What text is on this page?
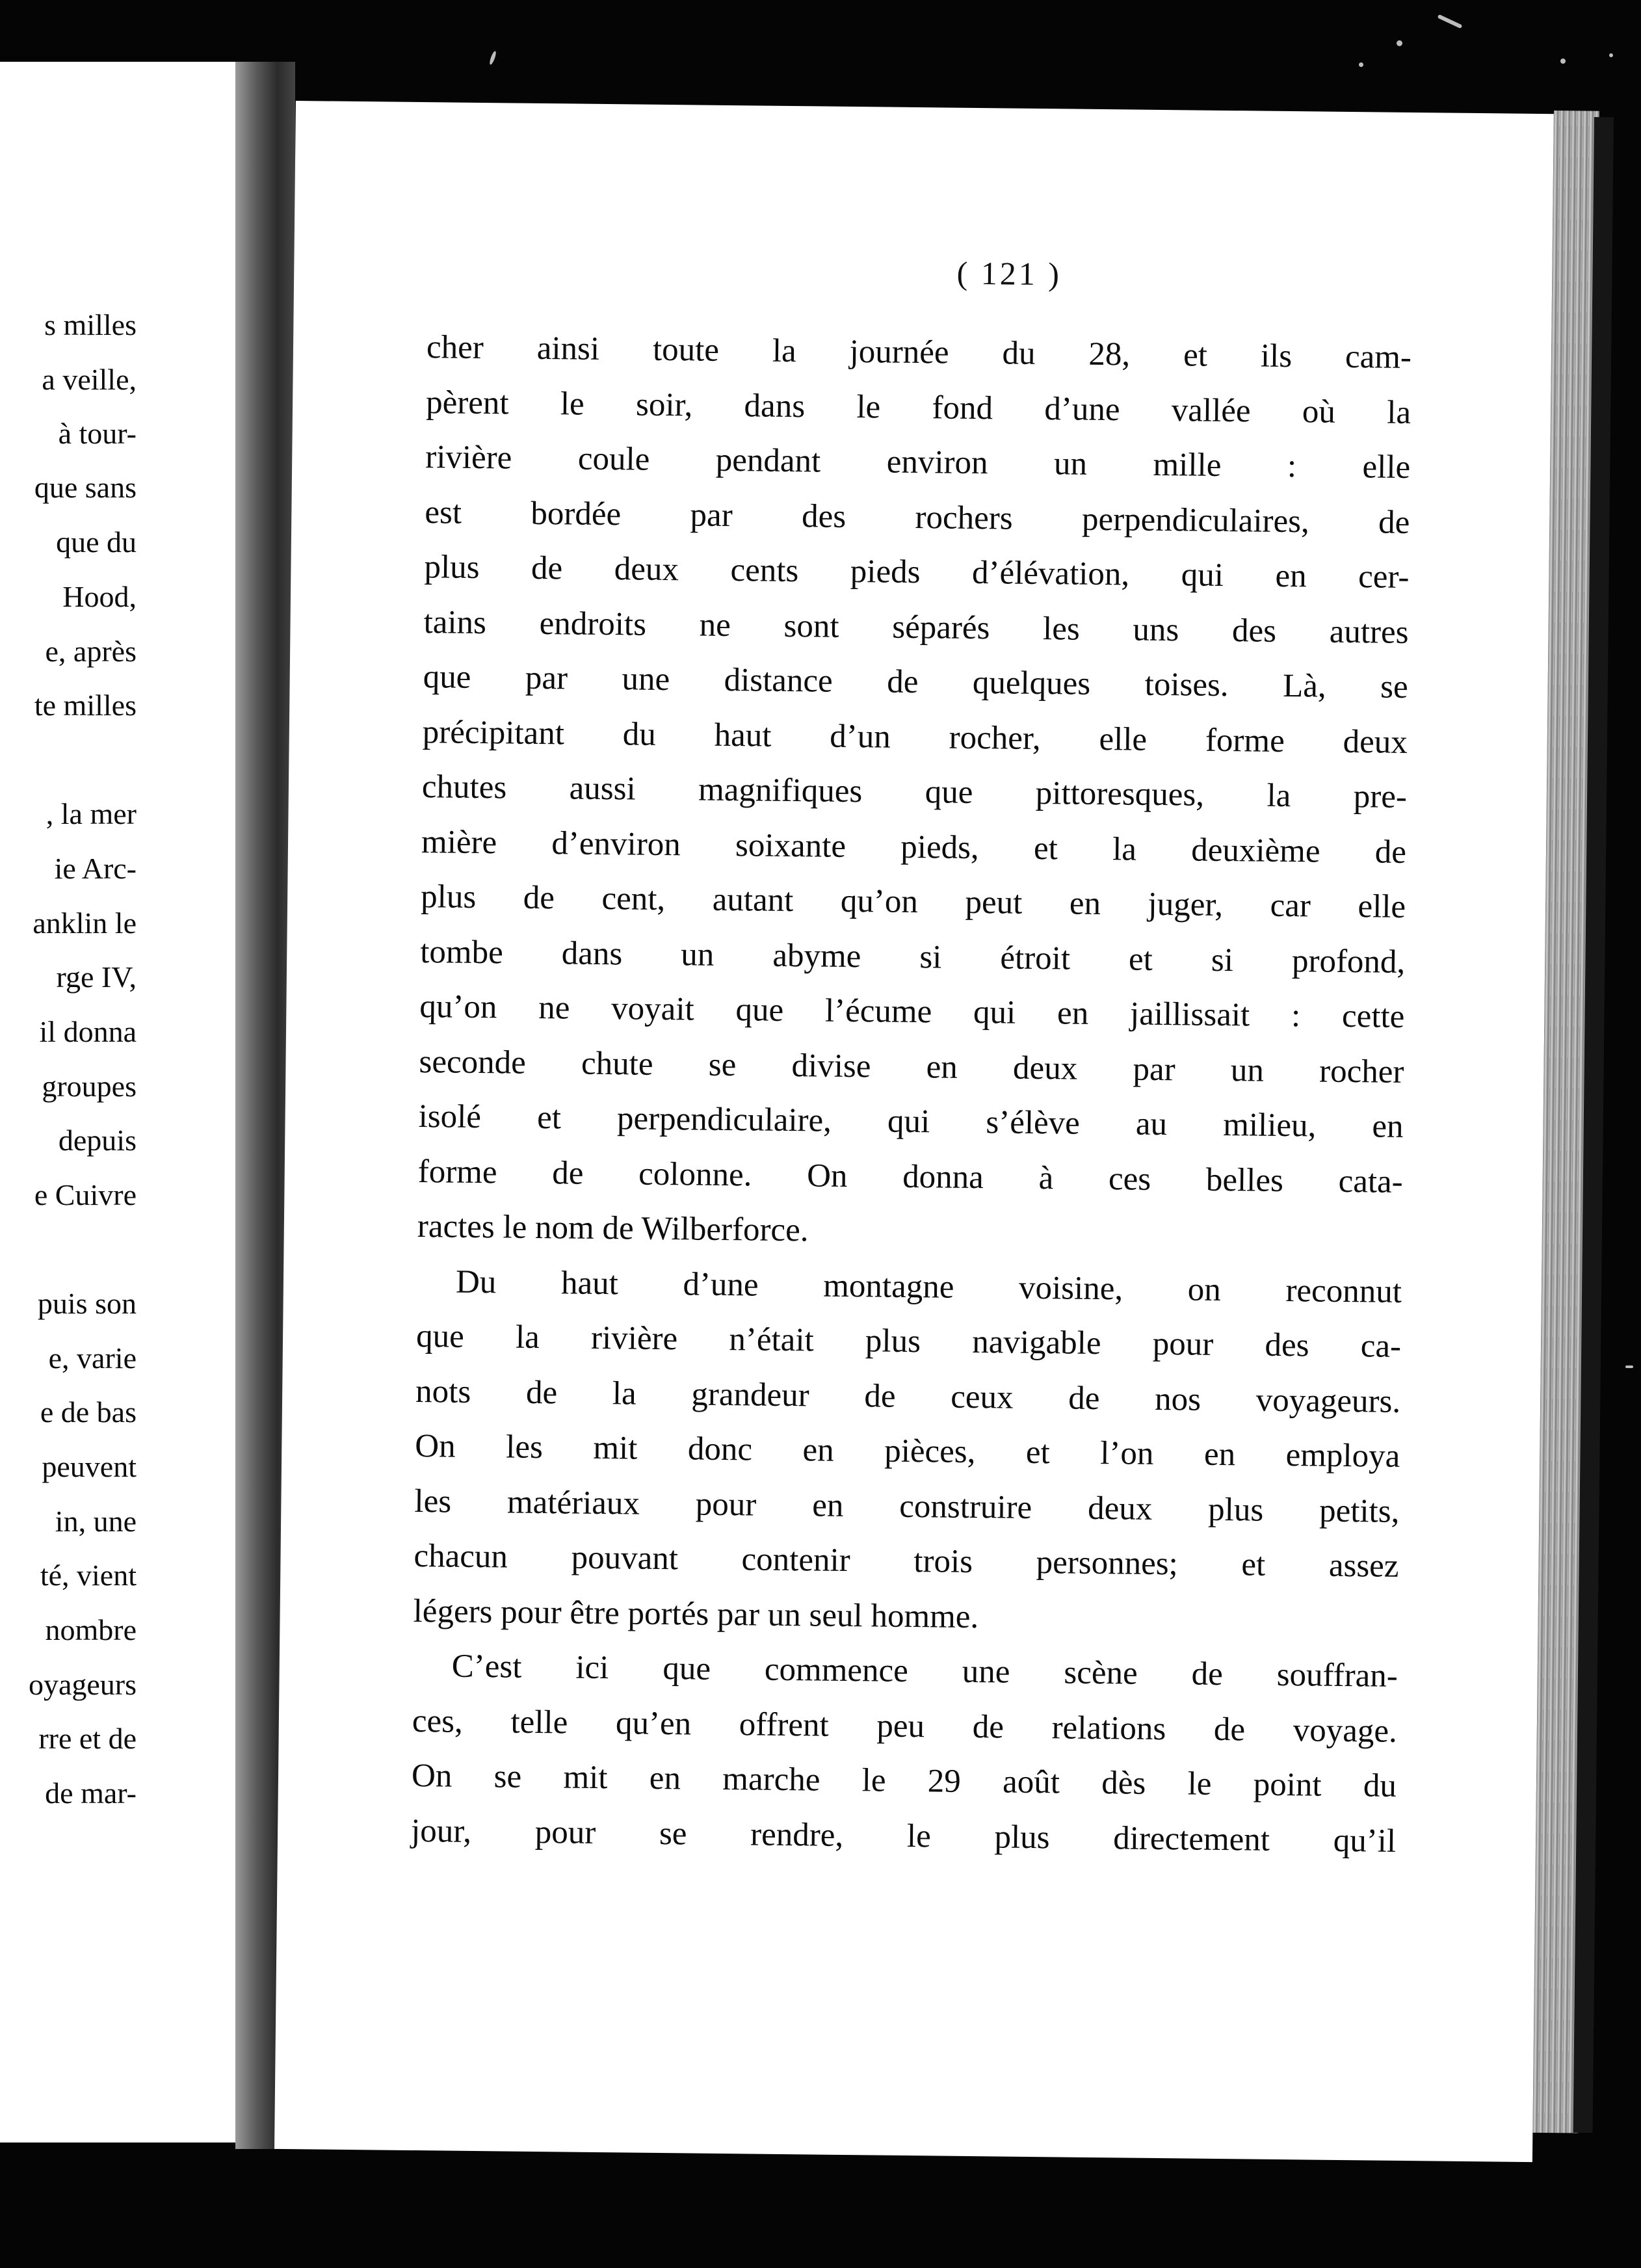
s milles
a veille,
à tour-
que sans
que du
Hood,
e, après
te milles
, la mer
ie Arc-
anklin le
rge IV,
il donna
groupes
depuis
e Cuivre
puis son
e, varie
e de bas
peuvent
in, une
té, vient
nombre
oyageurs
rre et de
de mar-
( 121 )
cher ainsi toute la journée du 28, et ils cam-
pèrent le soir, dans le fond d’une vallée où la
rivière coule pendant environ un mille : elle
est bordée par des rochers perpendiculaires, de
plus de deux cents pieds d’élévation, qui en cer-
tains endroits ne sont séparés les uns des autres
que par une distance de quelques toises. Là, se
précipitant du haut d’un rocher, elle forme deux
chutes aussi magnifiques que pittoresques, la pre-
mière d’environ soixante pieds, et la deuxième de
plus de cent, autant qu’on peut en juger, car elle
tombe dans un abyme si étroit et si profond,
qu’on ne voyait que l’écume qui en jaillissait : cette
seconde chute se divise en deux par un rocher
isolé et perpendiculaire, qui s’élève au milieu, en
forme de colonne. On donna à ces belles cata-
ractes le nom de Wilberforce.
Du haut d’une montagne voisine, on reconnut
que la rivière n’était plus navigable pour des ca-
nots de la grandeur de ceux de nos voyageurs.
On les mit donc en pièces, et l’on en employa
les matériaux pour en construire deux plus petits,
chacun pouvant contenir trois personnes; et assez
légers pour être portés par un seul homme.
C’est ici que commence une scène de souffran-
ces, telle qu’en offrent peu de relations de voyage.
On se mit en marche le 29 août dès le point du
jour, pour se rendre, le plus directement qu’il
